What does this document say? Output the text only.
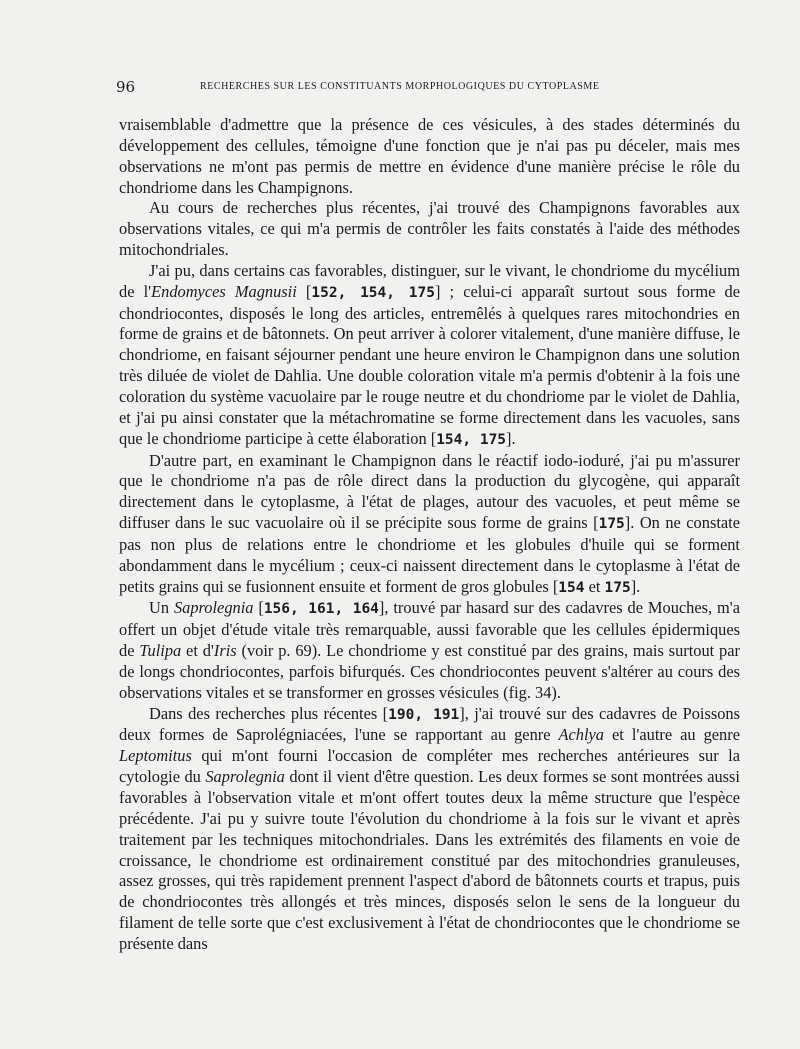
96	RECHERCHES SUR LES CONSTITUANTS MORPHOLOGIQUES DU CYTOPLASME

vraisemblable d'admettre que la présence de ces vésicules, à des stades déterminés du développement des cellules, témoigne d'une fonction que je n'ai pas pu déceler, mais mes observations ne m'ont pas permis de mettre en évidence d'une manière précise le rôle du chondriome dans les Champignons.

Au cours de recherches plus récentes, j'ai trouvé des Champignons favorables aux observations vitales, ce qui m'a permis de contrôler les faits constatés à l'aide des méthodes mitochondriales.

J'ai pu, dans certains cas favorables, distinguer, sur le vivant, le chondriome du mycélium de l'Endomyces Magnusii [152, 154, 175] ; celui-ci apparaît surtout sous forme de chondriocontes, disposés le long des articles, entremêlés à quelques rares mitochondries en forme de grains et de bâtonnets. On peut arriver à colorer vitalement, d'une manière diffuse, le chondriome, en faisant séjourner pendant une heure environ le Champignon dans une solution très diluée de violet de Dahlia. Une double coloration vitale m'a permis d'obtenir à la fois une coloration du système vacuolaire par le rouge neutre et du chondriome par le violet de Dahlia, et j'ai pu ainsi constater que la métachromatine se forme directement dans les vacuoles, sans que le chondriome participe à cette élaboration [154, 175].

D'autre part, en examinant le Champignon dans le réactif iodo-ioduré, j'ai pu m'assurer que le chondriome n'a pas de rôle direct dans la production du glycogène, qui apparaît directement dans le cytoplasme, à l'état de plages, autour des vacuoles, et peut même se diffuser dans le suc vacuolaire où il se précipite sous forme de grains [175]. On ne constate pas non plus de relations entre le chondriome et les globules d'huile qui se forment abondamment dans le mycélium ; ceux-ci naissent directement dans le cytoplasme à l'état de petits grains qui se fusionnent ensuite et forment de gros globules [154 et 175].

Un Saprolegnia [156, 161, 164], trouvé par hasard sur des cadavres de Mouches, m'a offert un objet d'étude vitale très remarquable, aussi favorable que les cellules épidermiques de Tulipa et d'Iris (voir p. 69). Le chondriome y est constitué par des grains, mais surtout par de longs chondriocontes, parfois bifurqués. Ces chondriocontes peuvent s'altérer au cours des observations vitales et se transformer en grosses vésicules (fig. 34).

Dans des recherches plus récentes [190, 191], j'ai trouvé sur des cadavres de Poissons deux formes de Saprolégniacées, l'une se rapportant au genre Achlya et l'autre au genre Leptomitus qui m'ont fourni l'occasion de compléter mes recherches antérieures sur la cytologie du Saprolegnia dont il vient d'être question. Les deux formes se sont montrées aussi favorables à l'observation vitale et m'ont offert toutes deux la même structure que l'espèce précédente. J'ai pu y suivre toute l'évolution du chondriome à la fois sur le vivant et après traitement par les techniques mitochondriales. Dans les extrémités des filaments en voie de croissance, le chondriome est ordinairement constitué par des mitochondries granuleuses, assez grosses, qui très rapidement prennent l'aspect d'abord de bâtonnets courts et trapus, puis de chondriocontes très allongés et très minces, disposés selon le sens de la longueur du filament de telle sorte que c'est exclusivement à l'état de chondriocontes que le chondriome se présente dans
